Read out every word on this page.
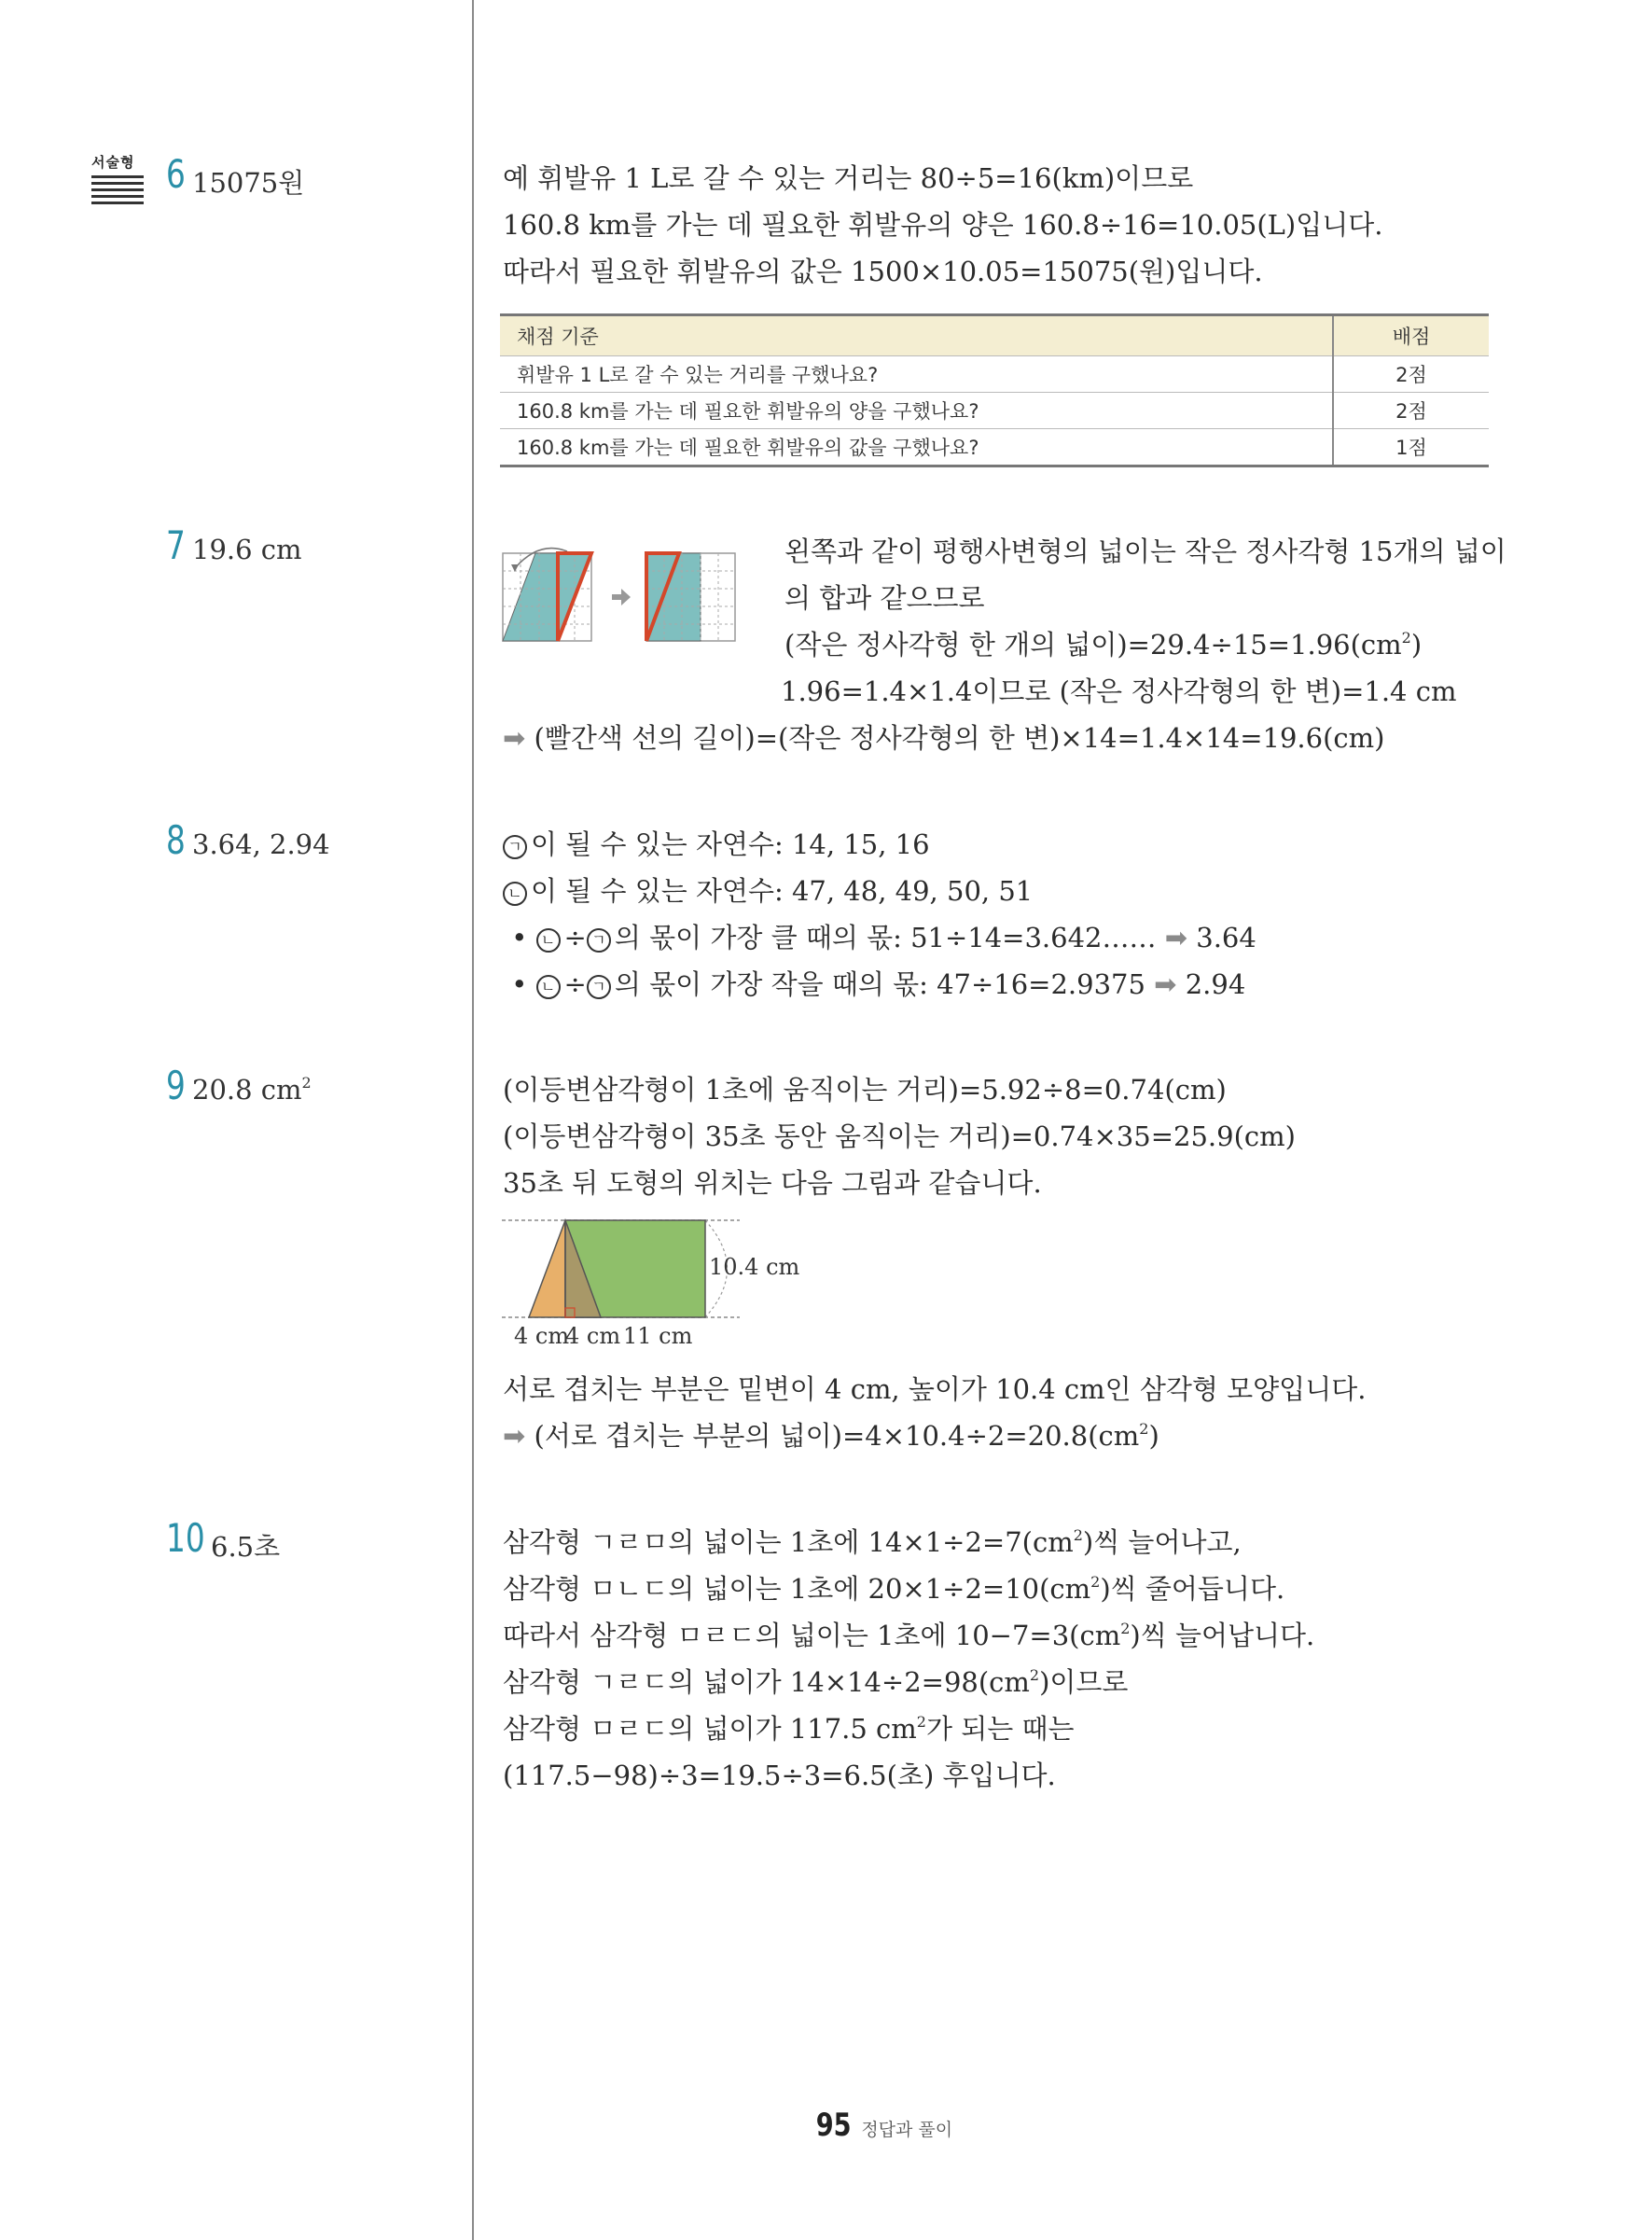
서술형 6 15075원	예 휘발유 1 L로 갈 수 있는 거리는 80÷5=16(km)이므로
160.8 km를 가는 데 필요한 휘발유의 양은 160.8÷16=10.05(L)입니다.
따라서 필요한 휘발유의 값은 1500×10.05=15075(원)입니다.
채점 기준	배점
휘발유 1 L로 갈 수 있는 거리를 구했나요?	2점
160.8 km를 가는 데 필요한 휘발유의 양을 구했나요?	2점
160.8 km를 가는 데 필요한 휘발유의 값을 구했나요?	1점
7 19.6 cm	왼쪽과 같이 평행사변형의 넓이는 작은 정사각형 15개의 넓이
의 합과 같으므로
(작은 정사각형 한 개의 넓이)$=29.4\div 15=1.96(cm^2)$
1.96=1.4×1.4이므로 (작은 정사각형의 한 변)=1.4 cm
➡ (빨간색 선의 길이)=(작은 정사각형의 한 변)×14=1.4×14=19.6(cm)
8 3.64, 2.94	ㄱ 이 될 수 있는 자연수: 14, 15, 16
ㄴ 이 될 수 있는 자연수: 47, 48, 49, 50, 51
• ㄴ ÷ ㄱ 의 몫이 가장 클 때의 몫: 51÷14=3.642…… ➡ 3.64
• ㄴ ÷ ㄱ 의 몫이 가장 작을 때의 몫: 47÷16=2.9375 ➡ 2.94
9 20.8 $cm^2$	(이등변삼각형이 1초에 움직이는 거리)=5.92÷8=0.74(cm)
(이등변삼각형이 35초 동안 움직이는 거리)=0.74×35=25.9(cm)
35초 뒤 도형의 위치는 다음 그림과 같습니다.
10.4 cm
4 cm
4 cm 11 cm
서로 겹치는 부분은 밑변이 4 cm, 높이가 10.4 cm인 삼각형 모양입니다.
➡ (서로 겹치는 부분의 넓이)$=4\times 10.4\div 2=20.8(cm^2)$
10 6.5초	삼각형 ㄱㄹㅁ의 넓이는 1초에 $14\times 1\div 2=7(cm^2)$씩 늘어나고,
삼각형 ㅁㄴㄷ의 넓이는 1초에 $20\times 1\div 2=10(cm^2)$씩 줄어듭니다.
따라서 삼각형 ㅁㄹㄷ의 넓이는 1초에 $10-7=3(cm^2)$씩 늘어납니다.
삼각형 ㄱㄹㄷ의 넓이가 $14\times 14\div 2=98(cm^2)$이므로
삼각형 ㅁㄹㄷ의 넓이가 117.5 $cm^2$가 되는 때는
(117.5−98)÷3=19.5÷3=6.5(초) 후입니다.
95 정답과 풀이
